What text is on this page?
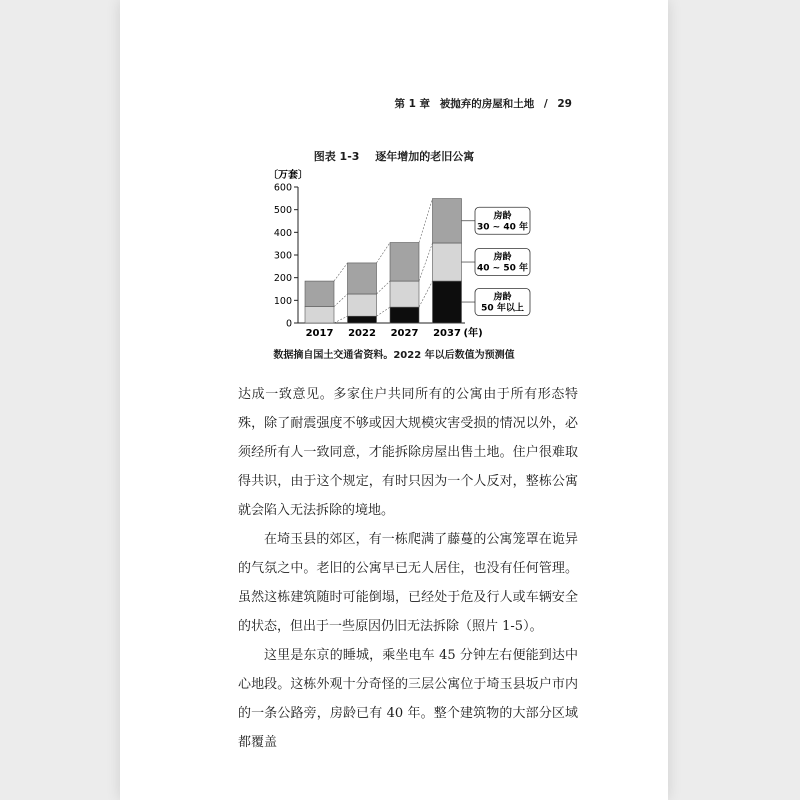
第 1 章 被抛弃的房屋和土地 / 29
图表 1-3 逐年增加的老旧公寓
〔万套〕
0
100
200
300
400
500
600
2017 2022 2027 2037 (年)
房龄
50 年以上
房龄
40 ~ 50 年
房龄
30 ~ 40 年
数据摘自国土交通省资料。2022 年以后数值为预测值

达成一致意见。多家住户共同所有的公寓由于所有形态特殊，除了耐震强度不够或因大规模灾害受损的情况以外，必须经所有人一致同意，才能拆除房屋出售土地。住户很难取得共识，由于这个规定，有时只因为一个人反对，整栋公寓就会陷入无法拆除的境地。

在埼玉县的郊区，有一栋爬满了藤蔓的公寓笼罩在诡异的气氛之中。老旧的公寓早已无人居住，也没有任何管理。虽然这栋建筑随时可能倒塌，已经处于危及行人或车辆安全的状态，但出于一些原因仍旧无法拆除（照片 1-5）。

这里是东京的睡城，乘坐电车 45 分钟左右便能到达中心地段。这栋外观十分奇怪的三层公寓位于埼玉县坂户市内的一条公路旁，房龄已有 40 年。整个建筑物的大部分区域都覆盖
